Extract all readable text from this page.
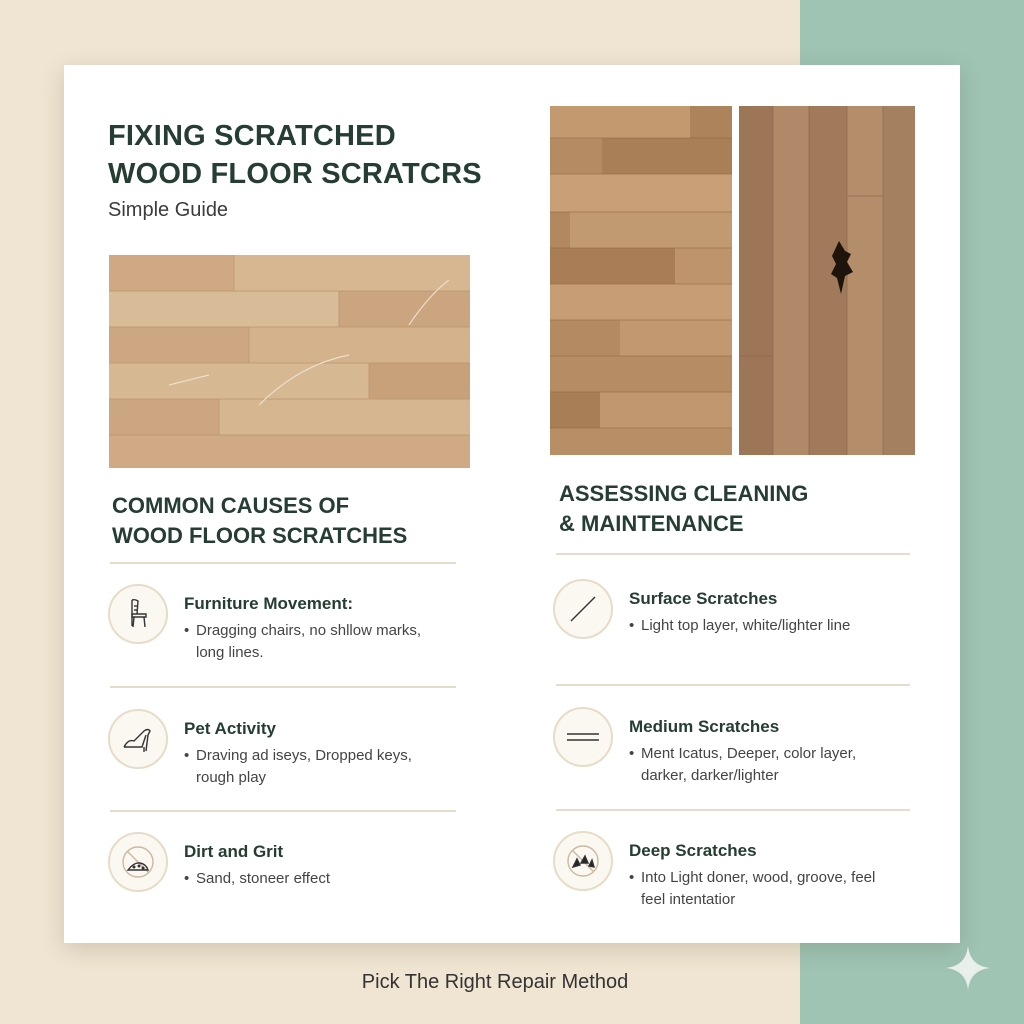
FIXING SCRATCHED
WOOD FLOOR SCRATCRS
Simple Guide
COMMON CAUSES OF
WOOD FLOOR SCRATCHES
Furniture Movement:
• Dragging chairs, no shllow marks,
long lines.
Pet Activity
• Draving ad iseys, Dropped keys,
rough play
Dirt and Grit
• Sand, stoneer effect
ASSESSING CLEANING
& MAINTENANCE
Surface Scratches
• Light top layer, white/lighter line
Medium Scratches
• Ment Icatus, Deeper, color layer,
darker, darker/lighter
Deep Scratches
• Into Light doner, wood, groove, feel
feel intentatior
Pick The Right Repair Method
